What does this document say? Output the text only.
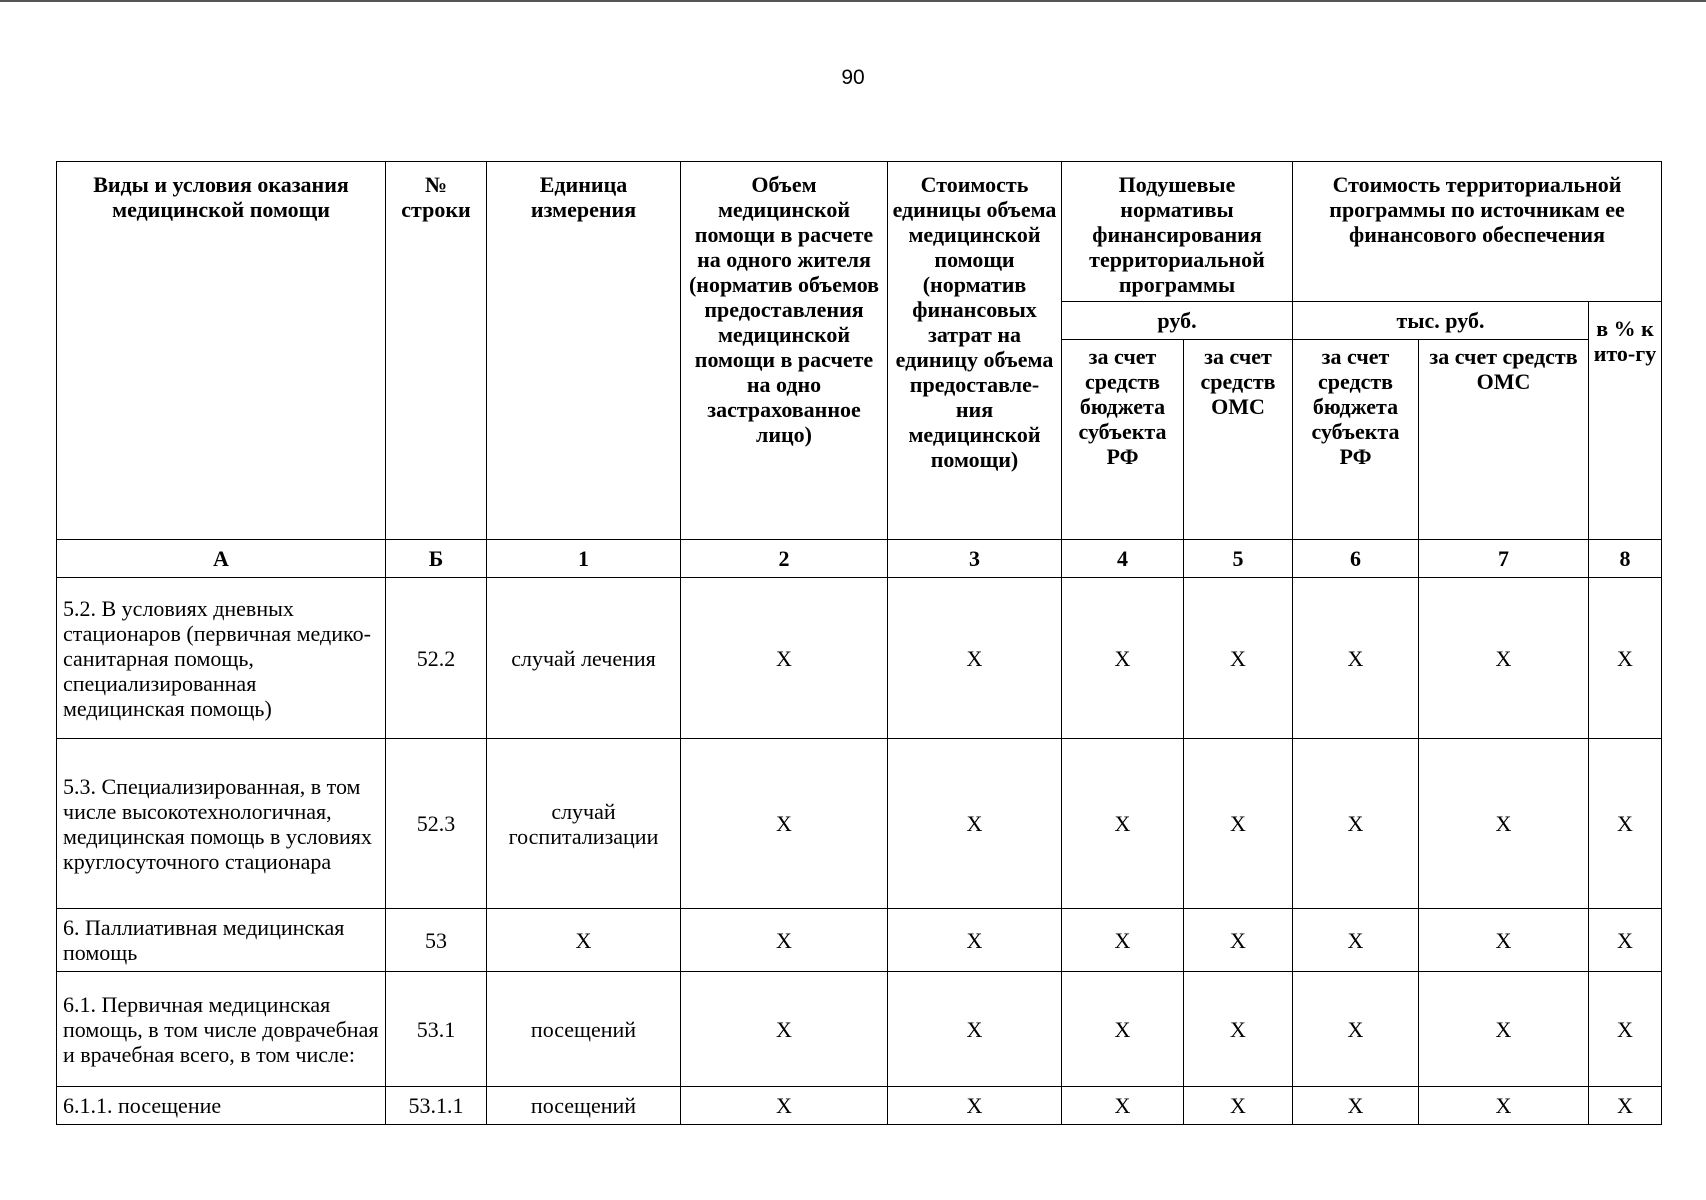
90
Виды и условия оказания медицинской помощи	№ строки	Единица измерения	Объем медицинской помощи в расчете на одного жителя (норматив объемов предоставления медицинской помощи в расчете на одно застрахованное лицо)	Стоимость единицы объема медицинской помощи (норматив финансовых затрат на единицу объема предоставле-ния медицинской помощи)	Подушевые нормативы финансирования территориальной программы		Стоимость территориальной программы по источникам ее финансового обеспечения		
					руб.		тыс. руб.		в % к ито-гу
					за счет средств бюджета субъекта РФ	за счет средств ОМС	за счет средств бюджета субъекта РФ	за счет средств ОМС	
А	Б	1	2	3	4	5	6	7	8
5.2. В условиях дневных стационаров (первичная медико-санитарная помощь, специализированная медицинская помощь)	52.2	случай лечения	X	X	X	X	X	X	X
5.3. Специализированная, в том числе высокотехнологичная, медицинская помощь в условиях круглосуточного стационара	52.3	случай госпитализации	X	X	X	X	X	X	X
6. Паллиативная медицинская помощь	53	X	X	X	X	X	X	X	X
6.1. Первичная медицинская помощь, в том числе доврачебная и врачебная всего, в том числе:	53.1	посещений	X	X	X	X	X	X	X
6.1.1. посещение	53.1.1	посещений	X	X	X	X	X	X	X
